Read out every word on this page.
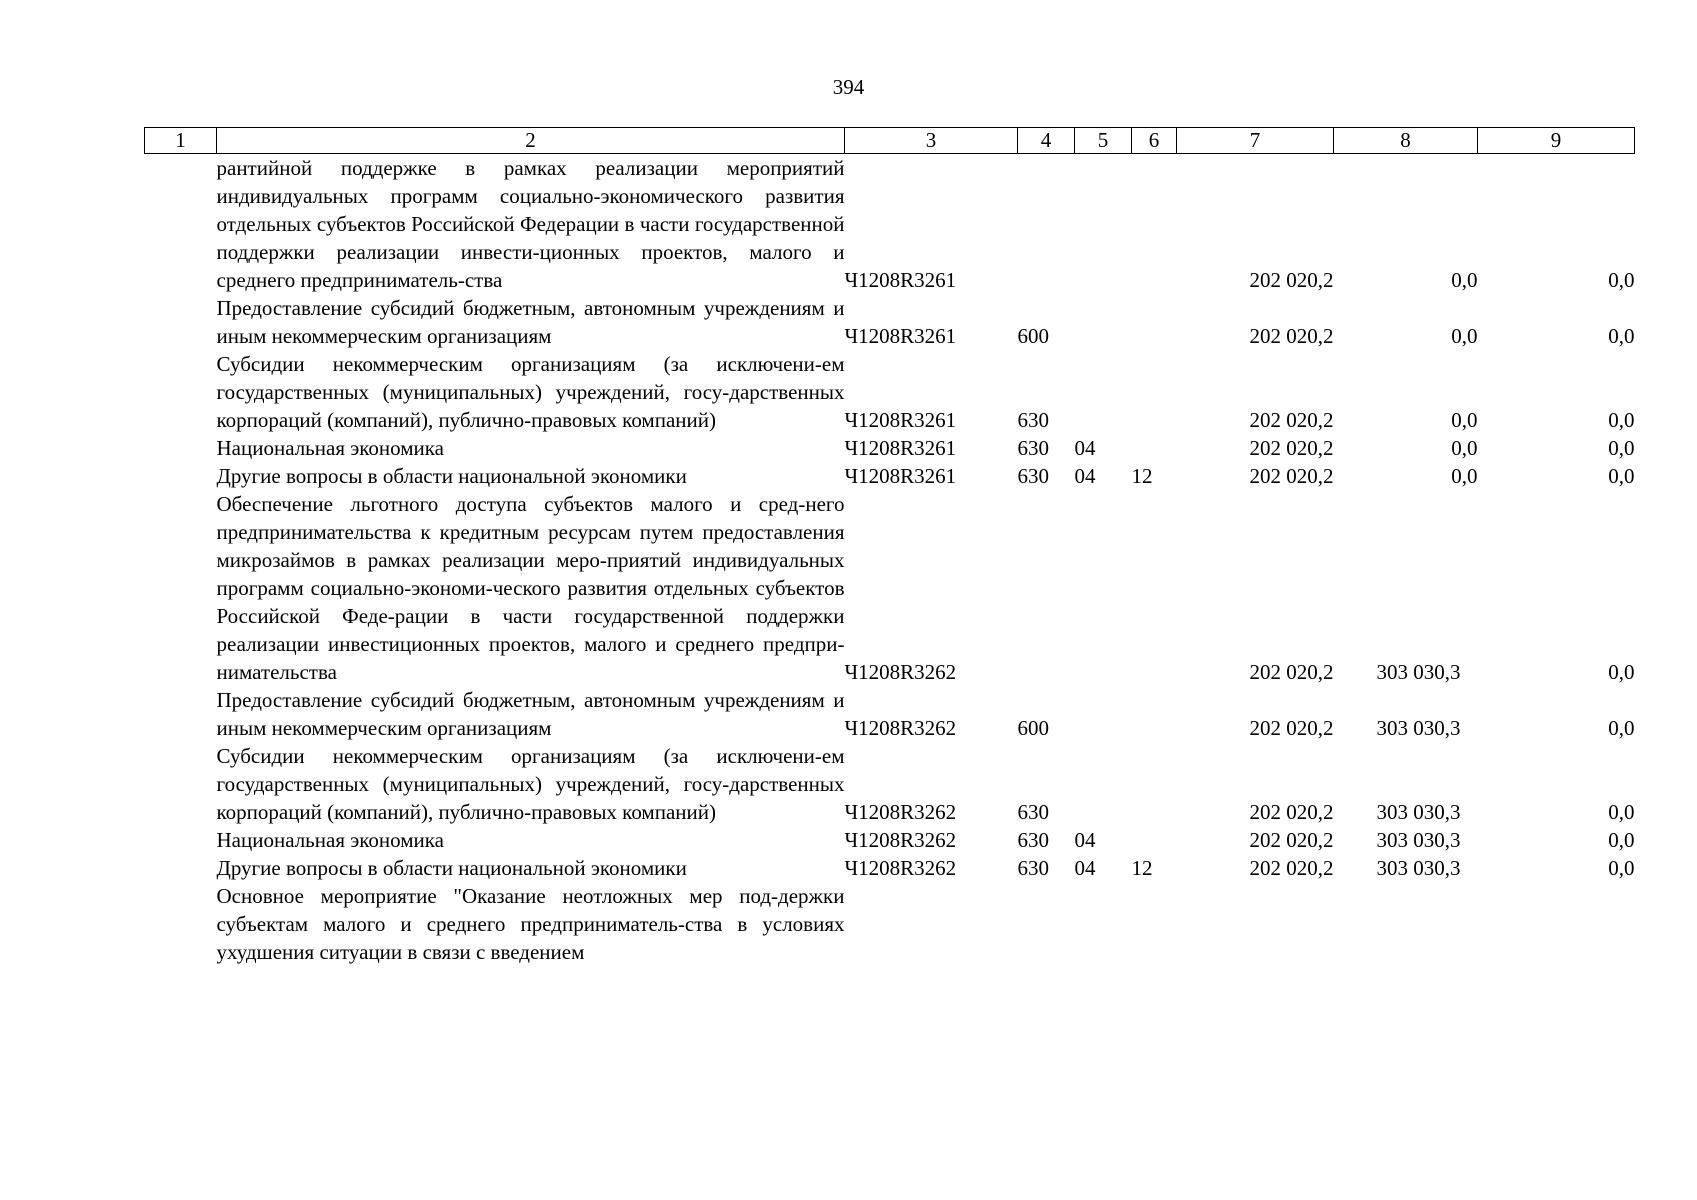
394
1	2	3	4	5	6	7	8	9
	рантийной поддержке в рамках реализации мероприятий индивидуальных программ социально-экономического развития отдельных субъектов Российской Федерации в части государственной поддержки реализации инвести-ционных проектов, малого и среднего предприниматель-ства	Ч1208R3261				202 020,2	0,0	0,0
	Предоставление субсидий бюджетным, автономным учреждениям и иным некоммерческим организациям	Ч1208R3261	600			202 020,2	0,0	0,0
	Субсидии некоммерческим организациям (за исключени-ем государственных (муниципальных) учреждений, госу-дарственных корпораций (компаний), публично-правовых компаний)	Ч1208R3261	630			202 020,2	0,0	0,0
	Национальная экономика	Ч1208R3261	630	04		202 020,2	0,0	0,0
	Другие вопросы в области национальной экономики	Ч1208R3261	630	04	12	202 020,2	0,0	0,0
	Обеспечение льготного доступа субъектов малого и сред-него предпринимательства к кредитным ресурсам путем предоставления микрозаймов в рамках реализации меро-приятий индивидуальных программ социально-экономи-ческого развития отдельных субъектов Российской Феде-рации в части государственной поддержки реализации инвестиционных проектов, малого и среднего предпри-нимательства	Ч1208R3262				202 020,2	303 030,3	0,0
	Предоставление субсидий бюджетным, автономным учреждениям и иным некоммерческим организациям	Ч1208R3262	600			202 020,2	303 030,3	0,0
	Субсидии некоммерческим организациям (за исключени-ем государственных (муниципальных) учреждений, госу-дарственных корпораций (компаний), публично-правовых компаний)	Ч1208R3262	630			202 020,2	303 030,3	0,0
	Национальная экономика	Ч1208R3262	630	04		202 020,2	303 030,3	0,0
	Другие вопросы в области национальной экономики	Ч1208R3262	630	04	12	202 020,2	303 030,3	0,0
	Основное мероприятие "Оказание неотложных мер под-держки субъектам малого и среднего предприниматель-ства в условиях ухудшения ситуации в связи с введением							
